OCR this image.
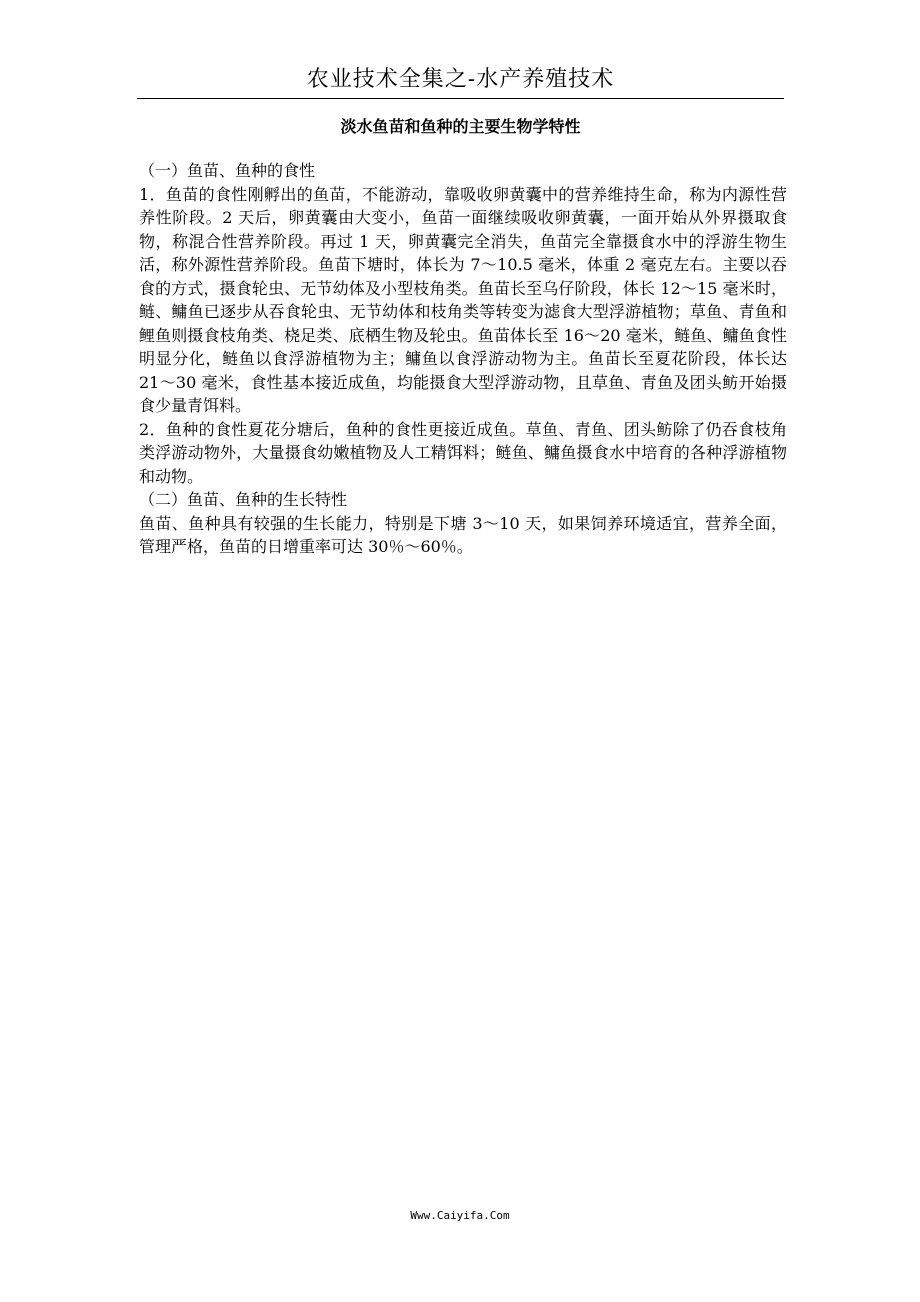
农业技术全集之-水产养殖技术
淡水鱼苗和鱼种的主要生物学特性

（一）鱼苗、鱼种的食性

1．鱼苗的食性刚孵出的鱼苗，不能游动，靠吸收卵黄囊中的营养维持生命，称为内源性营养性阶段。2 天后，卵黄囊由大变小，鱼苗一面继续吸收卵黄囊，一面开始从外界摄取食物，称混合性营养阶段。再过 1 天，卵黄囊完全消失，鱼苗完全靠摄食水中的浮游生物生活，称外源性营养阶段。鱼苗下塘时，体长为 7～10.5 毫米，体重 2 毫克左右。主要以吞食的方式，摄食轮虫、无节幼体及小型枝角类。鱼苗长至乌仔阶段，体长 12～15 毫米时，鲢、鳙鱼已逐步从吞食轮虫、无节幼体和枝角类等转变为滤食大型浮游植物；草鱼、青鱼和鲤鱼则摄食枝角类、桡足类、底栖生物及轮虫。鱼苗体长至 16～20 毫米，鲢鱼、鳙鱼食性明显分化，鲢鱼以食浮游植物为主；鳙鱼以食浮游动物为主。鱼苗长至夏花阶段，体长达 21～30 毫米，食性基本接近成鱼，均能摄食大型浮游动物，且草鱼、青鱼及团头鲂开始摄食少量青饵料。

2．鱼种的食性夏花分塘后，鱼种的食性更接近成鱼。草鱼、青鱼、团头鲂除了仍吞食枝角类浮游动物外，大量摄食幼嫩植物及人工精饵料；鲢鱼、鳙鱼摄食水中培育的各种浮游植物和动物。

（二）鱼苗、鱼种的生长特性

鱼苗、鱼种具有较强的生长能力，特别是下塘 3～10 天，如果饲养环境适宜，营养全面，管理严格，鱼苗的日增重率可达 30％～60％。

Www.Caiyifa.Com
